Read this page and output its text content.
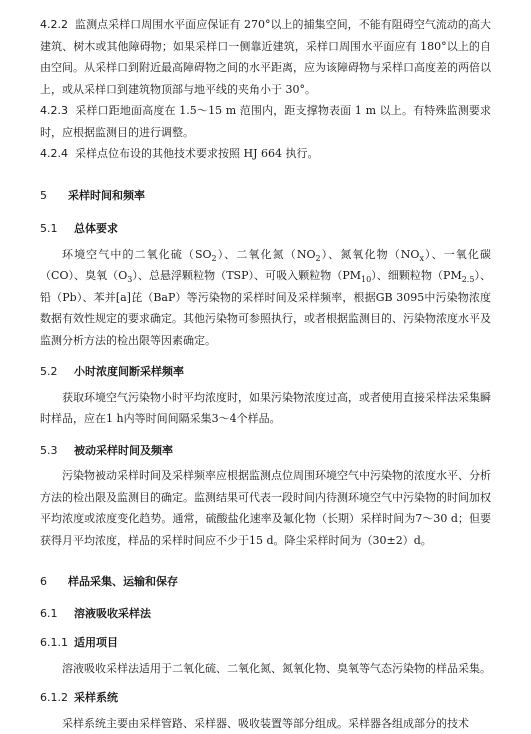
4.2.2 监测点采样口周围水平面应保证有 270°以上的捕集空间，不能有阻碍空气流动的高大建筑、树木或其他障碍物；如果采样口一侧靠近建筑，采样口周围水平面应有 180°以上的自由空间。从采样口到附近最高障碍物之间的水平距离，应为该障碍物与采样口高度差的两倍以上，或从采样口到建筑物顶部与地平线的夹角小于 30°。

4.2.3 采样口距地面高度在 1.5～15 m 范围内，距支撑物表面 1 m 以上。有特殊监测要求时，应根据监测目的进行调整。

4.2.4 采样点位布设的其他技术要求按照 HJ 664 执行。

5 采样时间和频率
5.1 总体要求

环境空气中的二氧化硫$(SO_2)$、二氧化氮$(NO_2)$、氮氧化物$(NO_x)$、一氧化碳（CO）、臭氧$(O_3)$、总悬浮颗粒物（TSP）、可吸入颗粒物$(PM_{10})$、细颗粒物$(PM_{2.5})$、铅（Pb）、苯并[a]芘（BaP）等污染物的采样时间及采样频率，根据GB 3095中污染物浓度数据有效性规定的要求确定。其他污染物可参照执行，或者根据监测目的、污染物浓度水平及监测分析方法的检出限等因素确定。

5.2 小时浓度间断采样频率

获取环境空气污染物小时平均浓度时，如果污染物浓度过高，或者使用直接采样法采集瞬时样品，应在1 h内等时间间隔采集3～4个样品。

5.3 被动采样时间及频率

污染物被动采样时间及采样频率应根据监测点位周围环境空气中污染物的浓度水平、分析方法的检出限及监测目的确定。监测结果可代表一段时间内待测环境空气中污染物的时间加权平均浓度或浓度变化趋势。通常，硫酸盐化速率及氟化物（长期）采样时间为7～30 d；但要获得月平均浓度，样品的采样时间应不少于15 d。降尘采样时间为（30±2）d。

6 样品采集、运输和保存
6.1 溶液吸收采样法
6.1.1 适用项目

溶液吸收采样法适用于二氧化硫、二氧化氮、氮氧化物、臭氧等气态污染物的样品采集。

6.1.2 采样系统

采样系统主要由采样管路、采样器、吸收装置等部分组成。采样器各组成部分的技术
